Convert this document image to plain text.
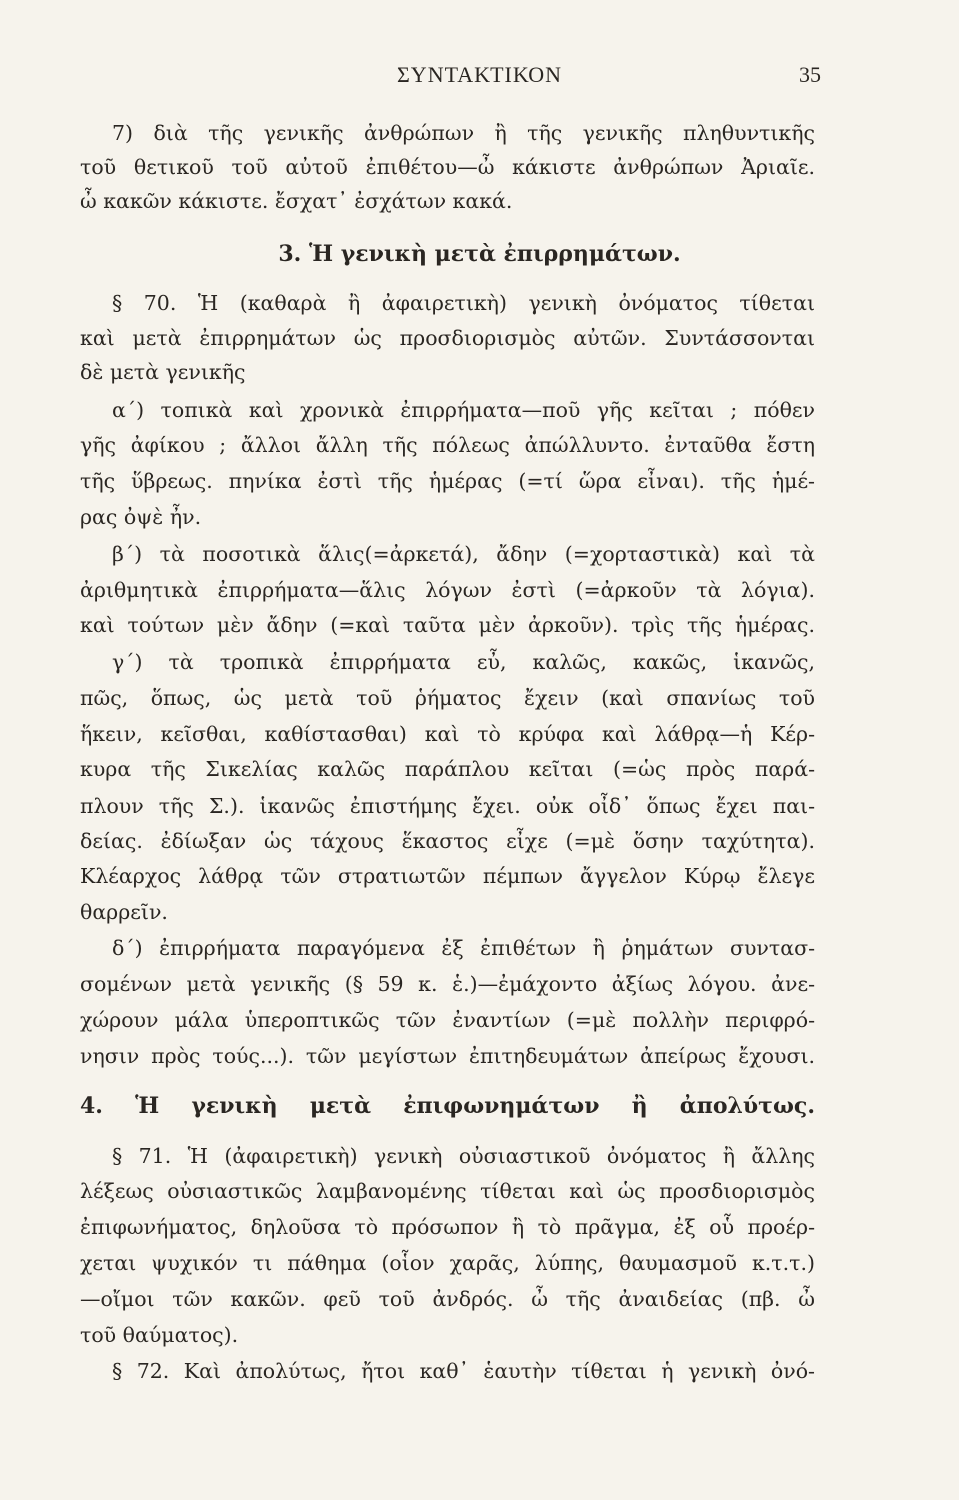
ΣΥΝΤΑΚΤΙΚΟΝ	35
7) διὰ τῆς γενικῆς ἀνθρώπων ἢ τῆς γενικῆς πληθυντικῆς
τοῦ θετικοῦ τοῦ αὐτοῦ ἐπιθέτου—ὦ κάκιστε ἀνθρώπων Ἀριαῖε.
ὦ κακῶν κάκιστε. ἔσχατ᾽ ἐσχάτων κακά.
3. Ἡ γενικὴ μετὰ ἐπιρρημάτων.
§ 70. Ἡ (καθαρὰ ἢ ἀφαιρετικὴ) γενικὴ ὀνόματος τίθεται
καὶ μετὰ ἐπιρρημάτων ὡς προσδιορισμὸς αὐτῶν. Συντάσσονται
δὲ μετὰ γενικῆς
α΄) τοπικὰ καὶ χρονικὰ ἐπιρρήματα—ποῦ γῆς κεῖται ; πόθεν
γῆς ἀφίκου ; ἄλλοι ἄλλη τῆς πόλεως ἀπώλλυντο. ἐνταῦθα ἔστη
τῆς ὕβρεως. πηνίκα ἐστὶ τῆς ἡμέρας (=τί ὥρα εἶναι). τῆς ἡμέ-
ρας ὀψὲ ἦν.
β΄) τὰ ποσοτικὰ ἅλις(=ἀρκετά), ἄδην (=χορταστικὰ) καὶ τὰ
ἀριθμητικὰ ἐπιρρήματα—ἅλις λόγων ἐστὶ (=ἀρκοῦν τὰ λόγια).
καὶ τούτων μὲν ἄδην (=καὶ ταῦτα μὲν ἀρκοῦν). τρὶς τῆς ἡμέρας.
γ΄) τὰ τροπικὰ ἐπιρρήματα εὖ, καλῶς, κακῶς, ἱκανῶς,
πῶς, ὅπως, ὡς μετὰ τοῦ ῥήματος ἔχειν (καὶ σπανίως τοῦ
ἥκειν, κεῖσθαι, καθίστασθαι) καὶ τὸ κρύφα καὶ λάθρᾳ—ἡ Κέρ-
κυρα τῆς Σικελίας καλῶς παράπλου κεῖται (=ὡς πρὸς παρά-
πλουν τῆς Σ.). ἱκανῶς ἐπιστήμης ἔχει. οὐκ οἶδ᾽ ὅπως ἔχει παι-
δείας. ἐδίωξαν ὡς τάχους ἕκαστος εἶχε (=μὲ ὅσην ταχύτητα).
Κλέαρχος λάθρᾳ τῶν στρατιωτῶν πέμπων ἄγγελον Κύρῳ ἔλεγε
θαρρεῖν.
δ΄) ἐπιρρήματα παραγόμενα ἐξ ἐπιθέτων ἢ ῥημάτων συντασ-
σομένων μετὰ γενικῆς (§ 59 κ. ἑ.)—ἐμάχοντο ἀξίως λόγου. ἀνε-
χώρουν μάλα ὑπεροπτικῶς τῶν ἐναντίων (=μὲ πολλὴν περιφρό-
νησιν πρὸς τούς...). τῶν μεγίστων ἐπιτηδευμάτων ἀπείρως ἔχουσι.
4. Ἡ γενικὴ μετὰ ἐπιφωνημάτων ἢ ἀπολύτως.
§ 71. Ἡ (ἀφαιρετικὴ) γενικὴ οὐσιαστικοῦ ὀνόματος ἢ ἄλλης
λέξεως οὐσιαστικῶς λαμβανομένης τίθεται καὶ ὡς προσδιορισμὸς
ἐπιφωνήματος, δηλοῦσα τὸ πρόσωπον ἢ τὸ πρᾶγμα, ἐξ οὗ προέρ-
χεται ψυχικόν τι πάθημα (οἷον χαρᾶς, λύπης, θαυμασμοῦ κ.τ.τ.)
—οἴμοι τῶν κακῶν. φεῦ τοῦ ἀνδρός. ὦ τῆς ἀναιδείας (πβ. ὦ
τοῦ θαύματος).
§ 72. Καὶ ἀπολύτως, ἤτοι καθ᾽ ἑαυτὴν τίθεται ἡ γενικὴ ὀνό-
